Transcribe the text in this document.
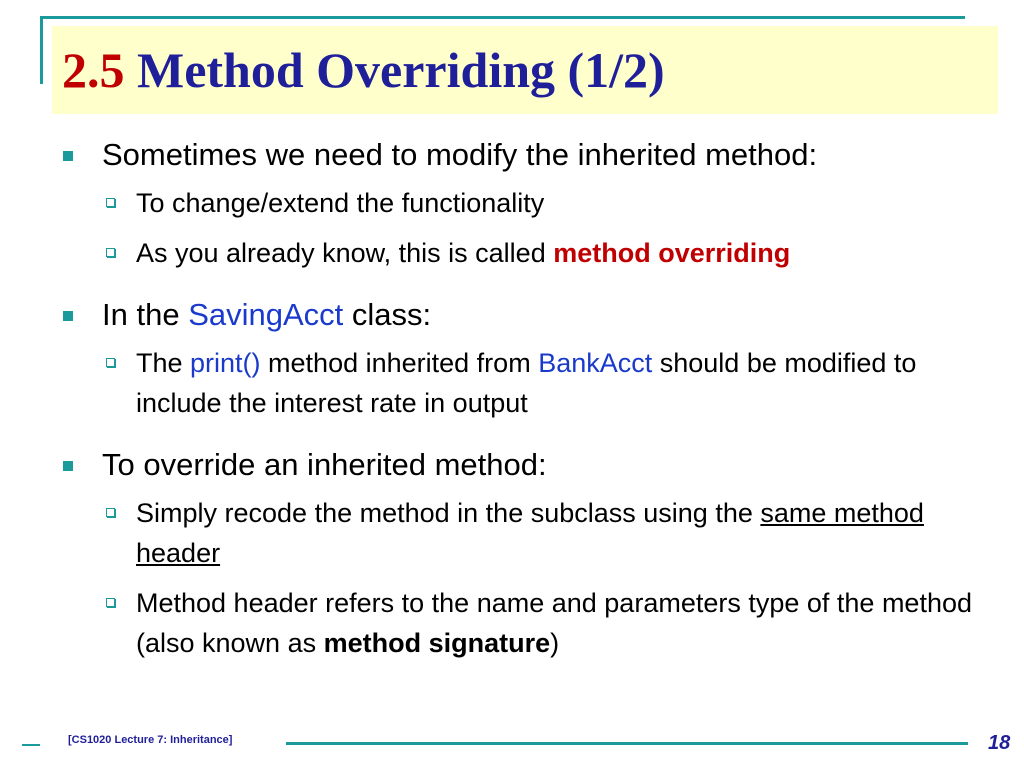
2.5 Method Overriding (1/2)
Sometimes we need to modify the inherited method:
To change/extend the functionality
As you already know, this is called method overriding
In the SavingAcct class:
The print() method inherited from BankAcct should be modified to include the interest rate in output
To override an inherited method:
Simply recode the method in the subclass using the same method header
Method header refers to the name and parameters type of the method (also known as method signature)
[CS1020 Lecture 7: Inheritance]	18
